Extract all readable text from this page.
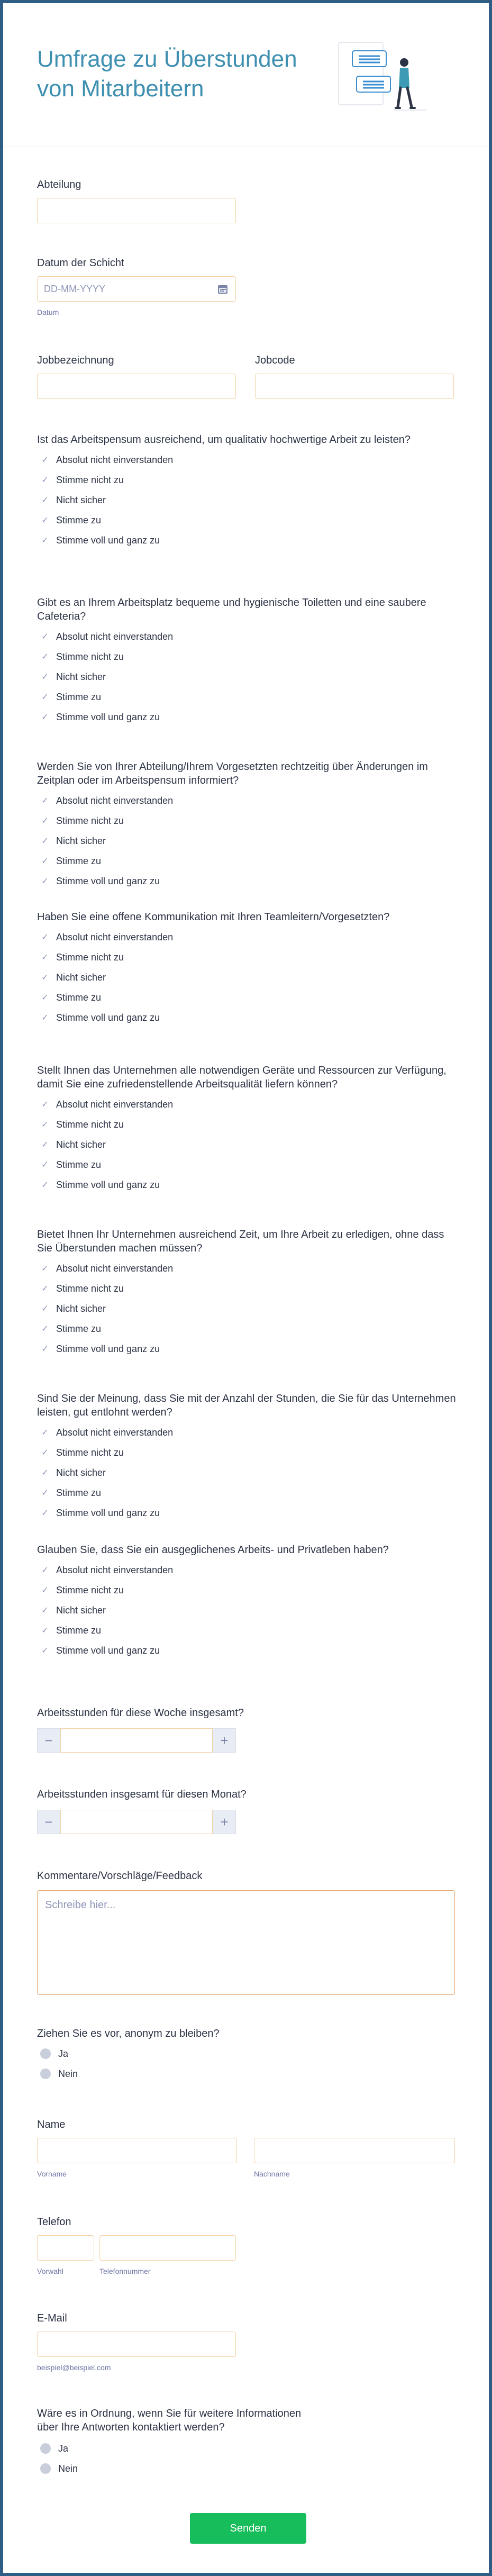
Umfrage zu Überstunden von Mitarbeitern
Abteilung
Datum der Schicht
DD-MM-YYYY
Datum
Jobbezeichnung	Jobcode
Ist das Arbeitspensum ausreichend, um qualitativ hochwertige Arbeit zu leisten?
✓ Absolut nicht einverstanden
✓ Stimme nicht zu
✓ Nicht sicher
✓ Stimme zu
✓ Stimme voll und ganz zu
Gibt es an Ihrem Arbeitsplatz bequeme und hygienische Toiletten und eine saubere Cafeteria?
✓ Absolut nicht einverstanden
✓ Stimme nicht zu
✓ Nicht sicher
✓ Stimme zu
✓ Stimme voll und ganz zu
Werden Sie von Ihrer Abteilung/Ihrem Vorgesetzten rechtzeitig über Änderungen im Zeitplan oder im Arbeitspensum informiert?
✓ Absolut nicht einverstanden
✓ Stimme nicht zu
✓ Nicht sicher
✓ Stimme zu
✓ Stimme voll und ganz zu
Haben Sie eine offene Kommunikation mit Ihren Teamleitern/Vorgesetzten?
✓ Absolut nicht einverstanden
✓ Stimme nicht zu
✓ Nicht sicher
✓ Stimme zu
✓ Stimme voll und ganz zu
Stellt Ihnen das Unternehmen alle notwendigen Geräte und Ressourcen zur Verfügung, damit Sie eine zufriedenstellende Arbeitsqualität liefern können?
✓ Absolut nicht einverstanden
✓ Stimme nicht zu
✓ Nicht sicher
✓ Stimme zu
✓ Stimme voll und ganz zu
Bietet Ihnen Ihr Unternehmen ausreichend Zeit, um Ihre Arbeit zu erledigen, ohne dass Sie Überstunden machen müssen?
✓ Absolut nicht einverstanden
✓ Stimme nicht zu
✓ Nicht sicher
✓ Stimme zu
✓ Stimme voll und ganz zu
Sind Sie der Meinung, dass Sie mit der Anzahl der Stunden, die Sie für das Unternehmen leisten, gut entlohnt werden?
✓ Absolut nicht einverstanden
✓ Stimme nicht zu
✓ Nicht sicher
✓ Stimme zu
✓ Stimme voll und ganz zu
Glauben Sie, dass Sie ein ausgeglichenes Arbeits- und Privatleben haben?
✓ Absolut nicht einverstanden
✓ Stimme nicht zu
✓ Nicht sicher
✓ Stimme zu
✓ Stimme voll und ganz zu
Arbeitsstunden für diese Woche insgesamt?
−	+
Arbeitsstunden insgesamt für diesen Monat?
−	+
Kommentare/Vorschläge/Feedback
Schreibe hier...
Ziehen Sie es vor, anonym zu bleiben?
Ja
Nein
Name
Vorname	Nachname
Telefon
Vorwahl	Telefonnummer
E-Mail
beispiel@beispiel.com
Wäre es in Ordnung, wenn Sie für weitere Informationen über Ihre Antworten kontaktiert werden?
Ja
Nein
Senden
